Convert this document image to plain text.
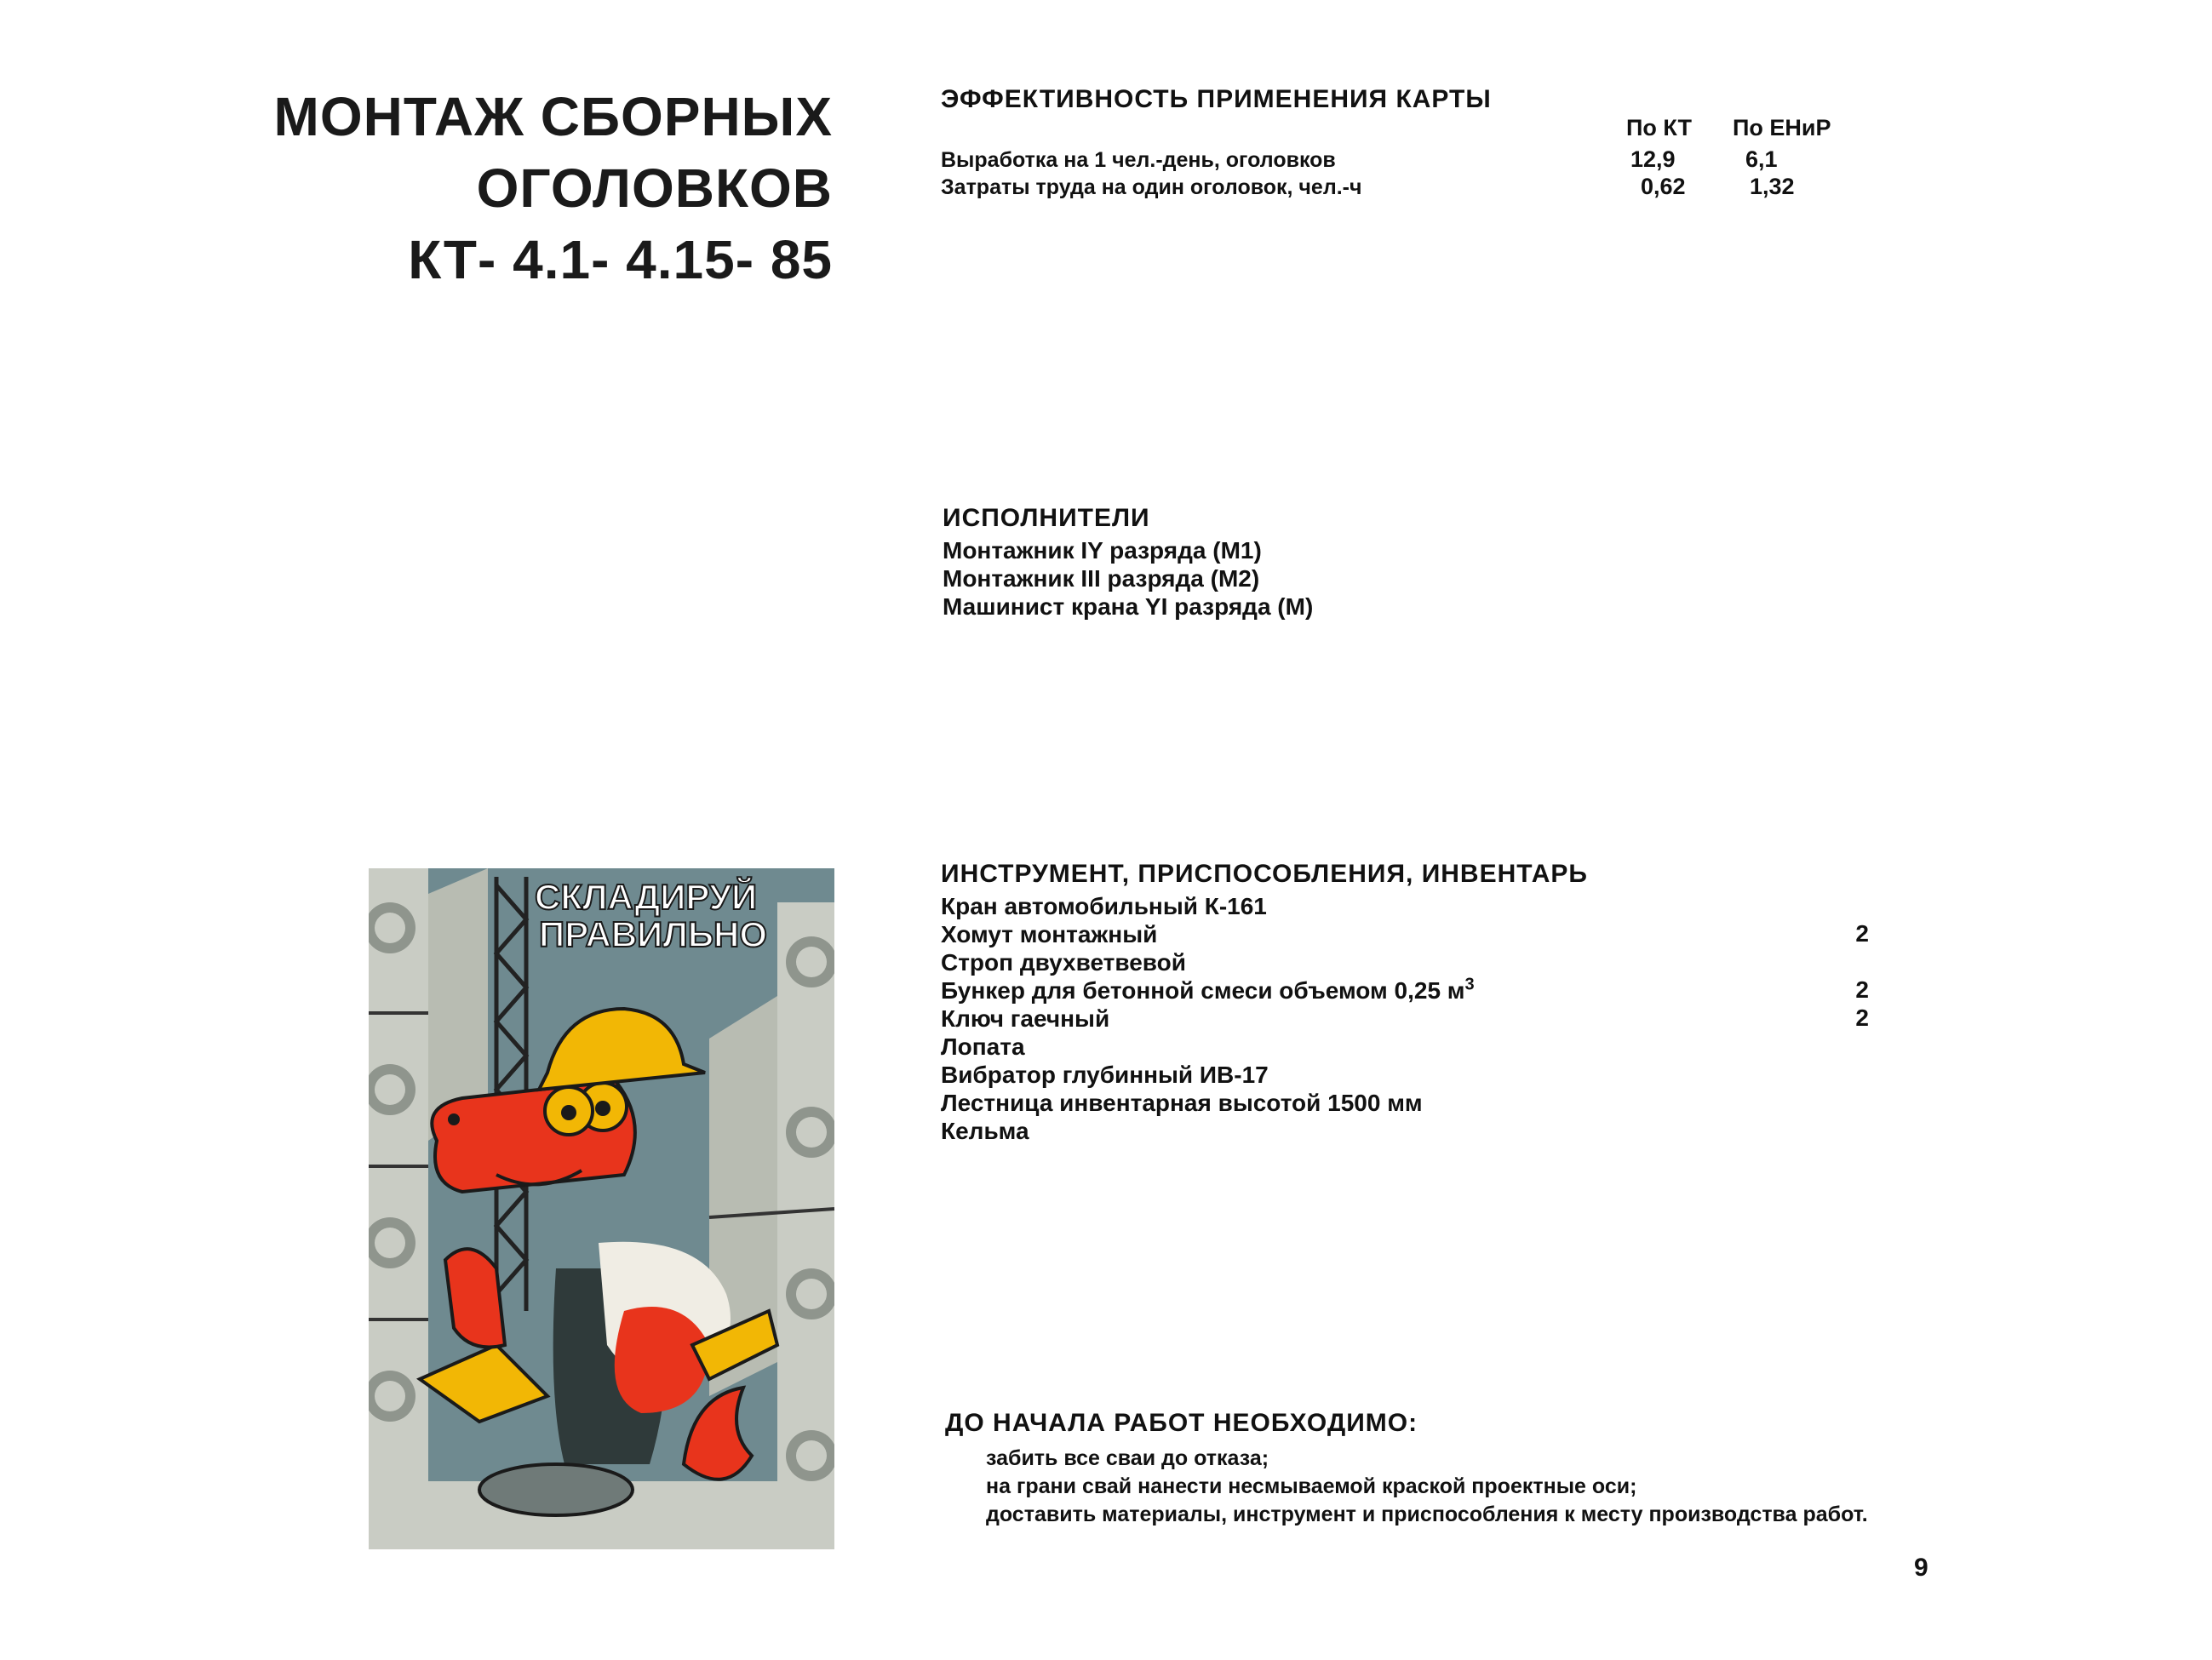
МОНТАЖ СБОРНЫХ
ОГОЛОВКОВ
КТ- 4.1- 4.15- 85
ЭФФЕКТИВНОСТЬ ПРИМЕНЕНИЯ КАРТЫ
По КТ По ЕНиР
Выработка на 1 чел.-день, оголовков	12,9	6,1
Затраты труда на один оголовок, чел.-ч	0,62	1,32
ИСПОЛНИТЕЛИ
Монтажник IY разряда (М1)
Монтажник III разряда (М2)
Машинист крана YI разряда (М)
ИНСТРУМЕНТ, ПРИСПОСОБЛЕНИЯ, ИНВЕНТАРЬ
Кран автомобильный К-161
Хомут монтажный	2
Строп двухветвевой
Бункер для бетонной смеси объемом 0,25 $м^3$	2
Ключ гаечный	2
Лопата
Вибратор глубинный ИВ-17
Лестница инвентарная высотой 1500 мм
Кельма
ДО НАЧАЛА РАБОТ НЕОБХОДИМО:
забить все сваи до отказа;
на грани свай нанести несмываемой краской проектные оси;
доставить материалы, инструмент и приспособления к месту производства работ.
9
СКЛАДИРУЙ
ПРАВИЛЬНО
